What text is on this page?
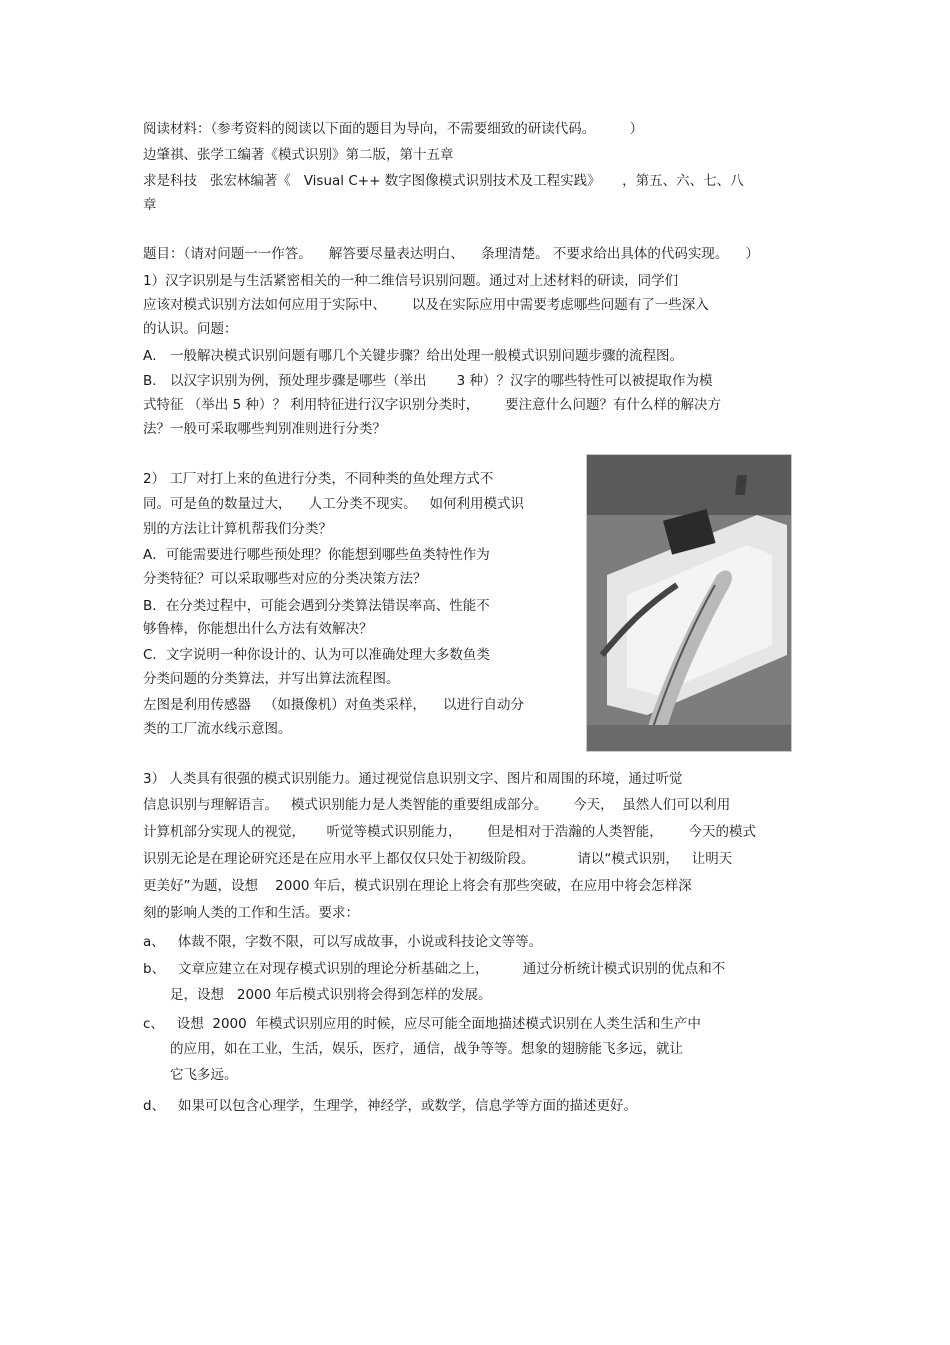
阅读材料：（参考资料的阅读以下面的题目为导向，不需要细致的研读代码。        ）
边肇祺、张学工编著《模式识别》第二版，第十五章
求是科技   张宏林编著《   Visual C++ 数字图像模式识别技术及工程实践》     ，第五、六、七、八
章
题目：（请对问题一一作答。    解答要尽量表达明白、    条理清楚。 不要求给出具体的代码实现。    ）
1）汉字识别是与生活紧密相关的一种二维信号识别问题。通过对上述材料的研读，同学们
应该对模式识别方法如何应用于实际中、      以及在实际应用中需要考虑哪些问题有了一些深入
的认识。问题：
A． 一般解决模式识别问题有哪几个关键步骤？给出处理一般模式识别问题步骤的流程图。
B． 以汉字识别为例，预处理步骤是哪些（举出       3 种）？汉字的哪些特性可以被提取作为模
式特征 （举出 5 种）？ 利用特征进行汉字识别分类时，      要注意什么问题？有什么样的解决方
法？一般可采取哪些判别准则进行分类？
2） 工厂对打上来的鱼进行分类，不同种类的鱼处理方式不
同。可是鱼的数量过大，    人工分类不现实。   如何利用模式识
别的方法让计算机帮我们分类？
A．可能需要进行哪些预处理？你能想到哪些鱼类特性作为
分类特征？可以采取哪些对应的分类决策方法？
B．在分类过程中，可能会遇到分类算法错误率高、性能不
够鲁棒，你能想出什么方法有效解决？
C．文字说明一种你设计的、认为可以准确处理大多数鱼类
分类问题的分类算法，并写出算法流程图。
左图是利用传感器   （如摄像机）对鱼类采样，    以进行自动分
类的工厂流水线示意图。
3） 人类具有很强的模式识别能力。通过视觉信息识别文字、图片和周围的环境，通过听觉
信息识别与理解语言。   模式识别能力是人类智能的重要组成部分。      今天，  虽然人们可以利用
计算机部分实现人的视觉，     听觉等模式识别能力，      但是相对于浩瀚的人类智能，      今天的模式
识别无论是在理论研究还是在应用水平上都仅仅只处于初级阶段。          请以“模式识别，   让明天
更美好”为题，设想    2000 年后，模式识别在理论上将会有那些突破，在应用中将会怎样深
刻的影响人类的工作和生活。要求：
a、   体裁不限，字数不限，可以写成故事，小说或科技论文等等。
b、   文章应建立在对现存模式识别的理论分析基础之上，        通过分析统计模式识别的优点和不
足，设想   2000 年后模式识别将会得到怎样的发展。
c、   设想  2000  年模式识别应用的时候，应尽可能全面地描述模式识别在人类生活和生产中
的应用，如在工业，生活，娱乐，医疗，通信，战争等等。想象的翅膀能飞多远，就让
它飞多远。
d、   如果可以包含心理学，生理学，神经学，或数学，信息学等方面的描述更好。
